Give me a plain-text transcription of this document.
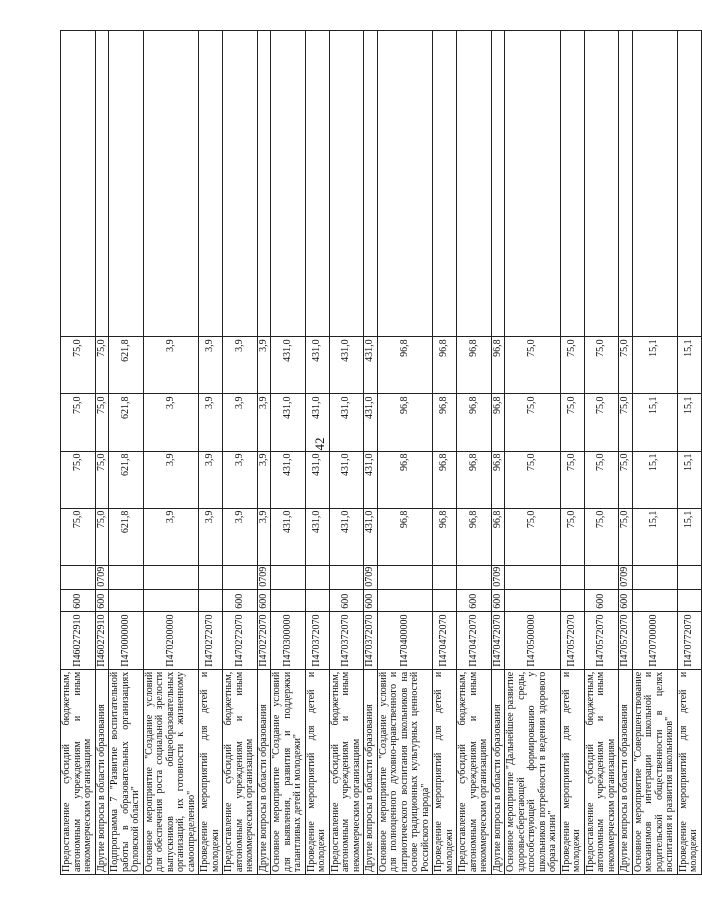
42
Предоставление субсидий бюджетным, автономным учреждениям и иным некоммерческим организациям	П460272910	600		75,0	75,0	75,0	75,0	
Другие вопросы в области образования	П460272910	600	0709	75,0	75,0	75,0	75,0	
Подпрограмма 7 "Развитие воспитательной работы в образовательных организациях Орловской области"	П470000000			621,8	621,8	621,8	621,8	
Основное мероприятие "Создание условий для обеспечения роста социальной зрелости выпускников общеобразовательных организаций, их готовности к жизненному самоопределению"	П470200000			3,9	3,9	3,9	3,9	
Проведение мероприятий для детей и молодежи	П470272070			3,9	3,9	3,9	3,9	
Предоставление субсидий бюджетным, автономным учреждениям и иным некоммерческим организациям	П470272070	600		3,9	3,9	3,9	3,9	
Другие вопросы в области образования	П470272070	600	0709	3,9	3,9	3,9	3,9	
Основное мероприятие "Создание условий для выявления, развития и поддержки талантливых детей и молодежи"	П470300000			431,0	431,0	431,0	431,0	
Проведение мероприятий для детей и молодежи	П470372070			431,0	431,0	431,0	431,0	
Предоставление субсидий бюджетным, автономным учреждениям и иным некоммерческим организациям	П470372070	600		431,0	431,0	431,0	431,0	
Другие вопросы в области образования	П470372070	600	0709	431,0	431,0	431,0	431,0	
Основное мероприятие "Создание условий для полноценного духовно-нравственного и патриотического воспитания школьников на основе традиционных культурных ценностей Российского народа"	П470400000			96,8	96,8	96,8	96,8	
Проведение мероприятий для детей и молодежи	П470472070			96,8	96,8	96,8	96,8	
Предоставление субсидий бюджетным, автономным учреждениям и иным некоммерческим организациям	П470472070	600		96,8	96,8	96,8	96,8	
Другие вопросы в области образования	П470472070	600	0709	96,8	96,8	96,8	96,8	
Основное мероприятие "Дальнейшее развитие здоровьесберегающей среды, способствующей формированию у школьников потребности в ведении здорового образа жизни"	П470500000			75,0	75,0	75,0	75,0	
Проведение мероприятий для детей и молодежи	П470572070			75,0	75,0	75,0	75,0	
Предоставление субсидий бюджетным, автономным учреждениям и иным некоммерческим организациям	П470572070	600		75,0	75,0	75,0	75,0	
Другие вопросы в области образования	П470572070	600	0709	75,0	75,0	75,0	75,0	
Основное мероприятие "Совершенствование механизмов интеграции школьной и родительской общественности в целях воспитания и развития школьников"	П470700000			15,1	15,1	15,1	15,1	
Проведение мероприятий для детей и молодежи	П470772070			15,1	15,1	15,1	15,1	
